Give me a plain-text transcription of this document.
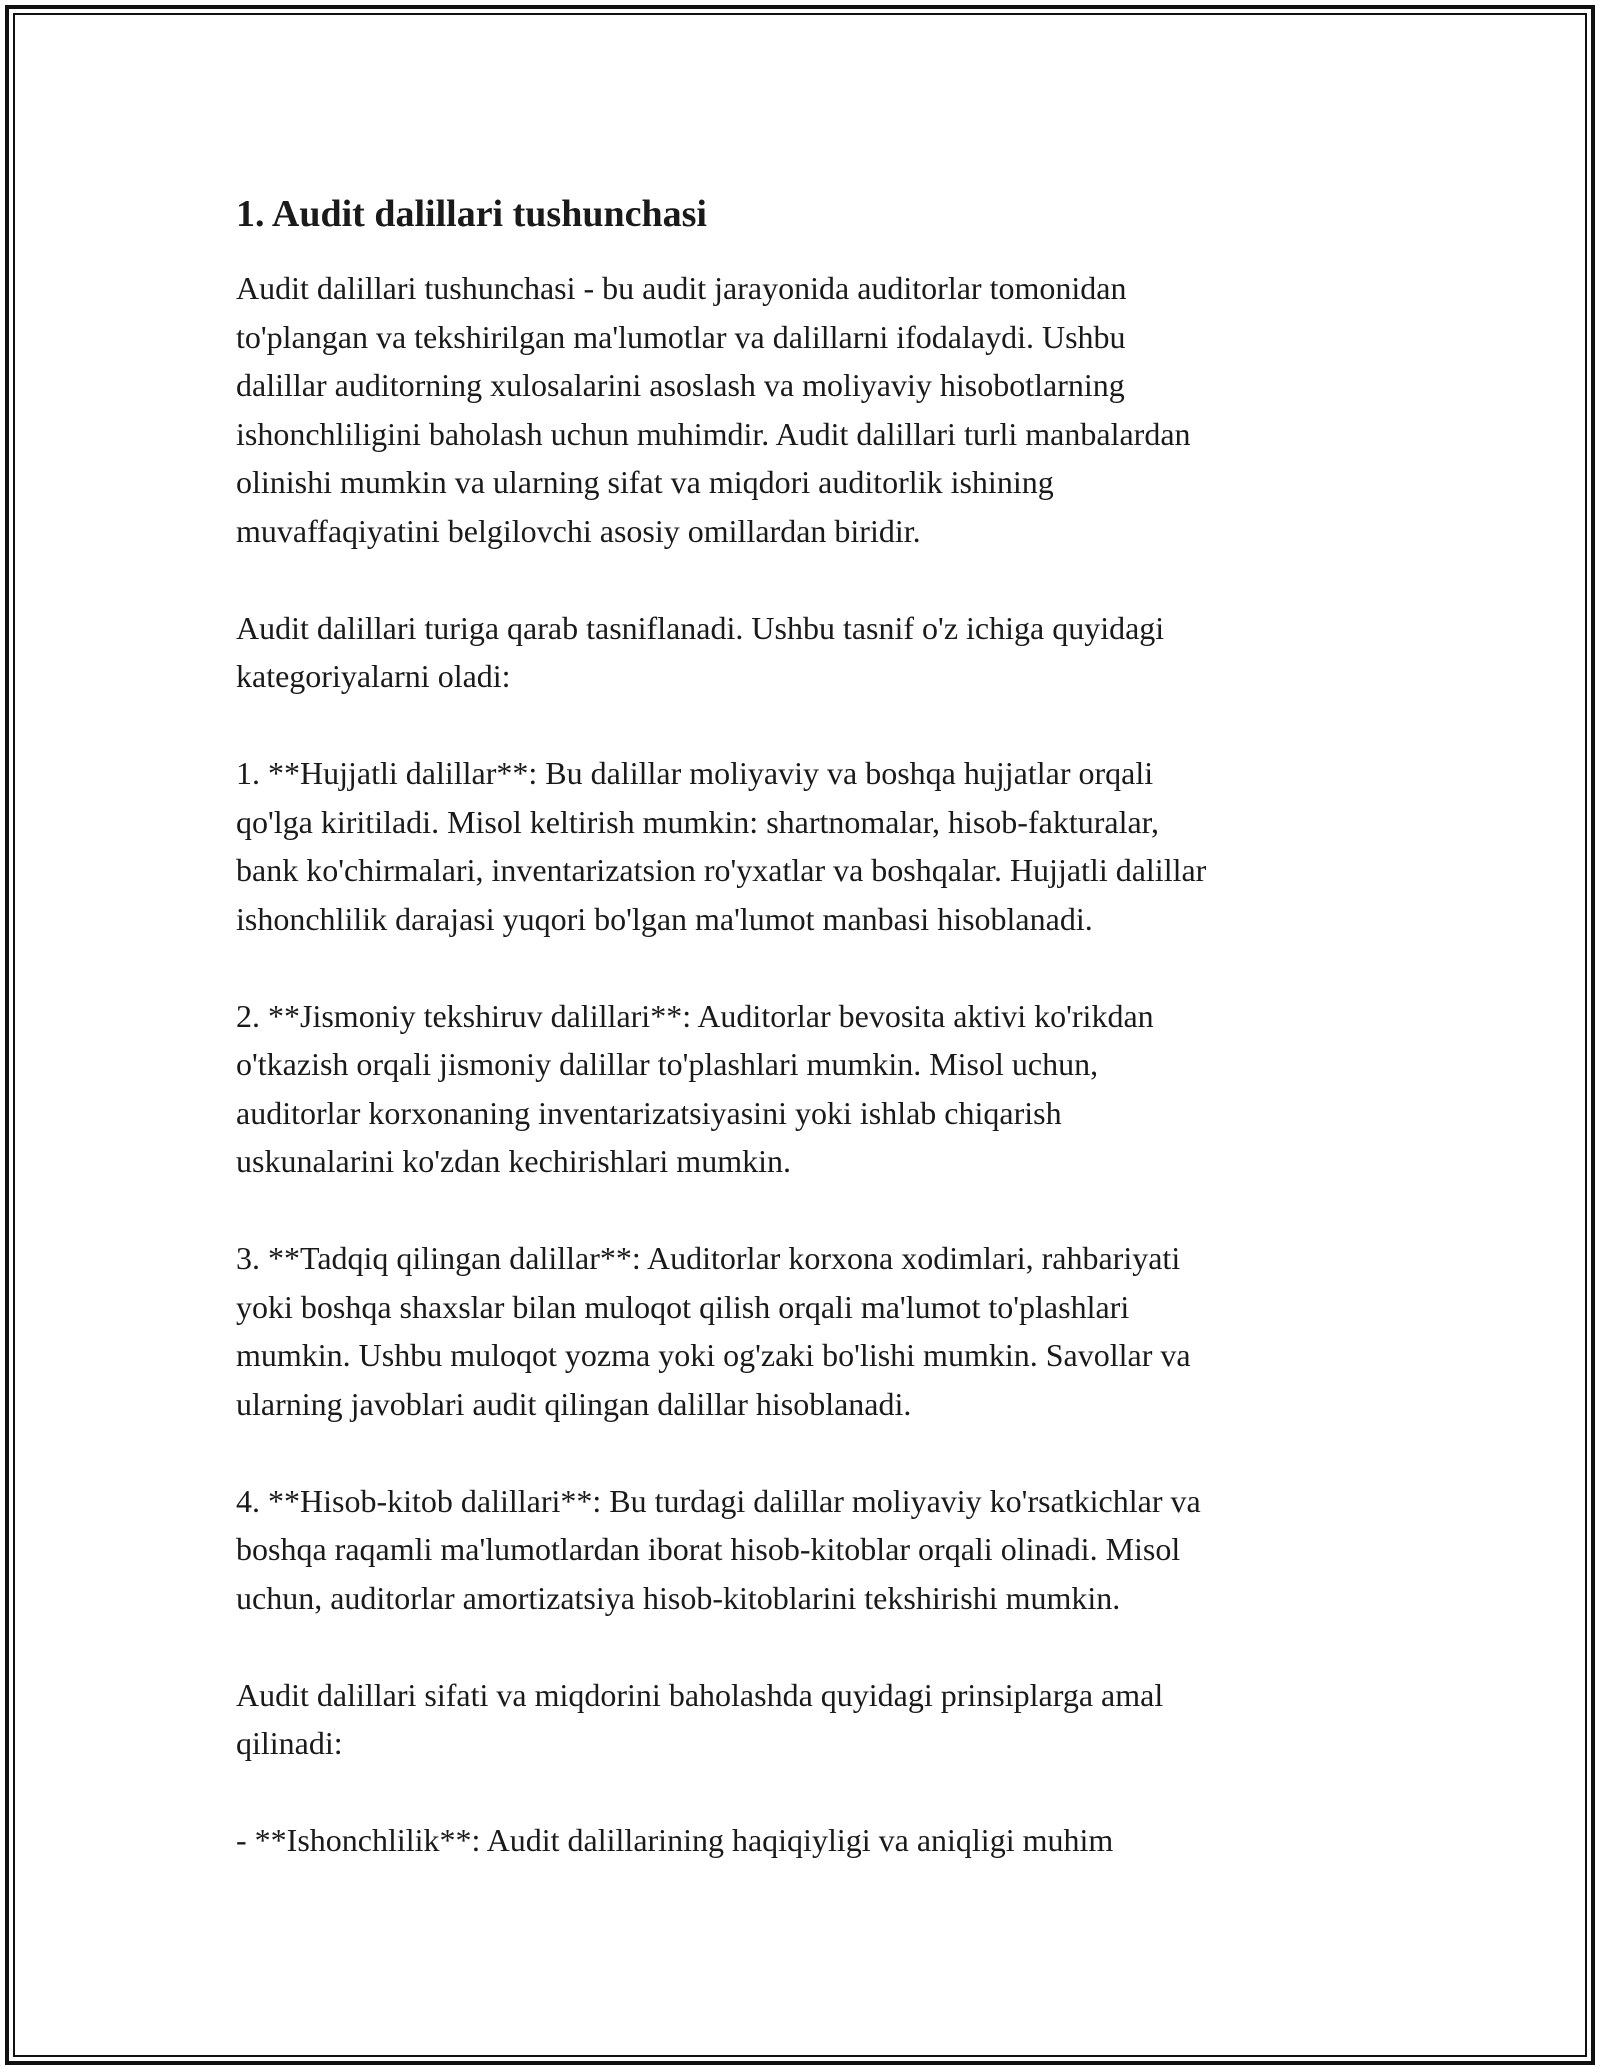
1. Audit dalillari tushunchasi
Audit dalillari tushunchasi - bu audit jarayonida auditorlar tomonidan
to'plangan va tekshirilgan ma'lumotlar va dalillarni ifodalaydi. Ushbu
dalillar auditorning xulosalarini asoslash va moliyaviy hisobotlarning
ishonchliligini baholash uchun muhimdir. Audit dalillari turli manbalardan
olinishi mumkin va ularning sifat va miqdori auditorlik ishining
muvaffaqiyatini belgilovchi asosiy omillardan biridir.
Audit dalillari turiga qarab tasniflanadi. Ushbu tasnif o'z ichiga quyidagi
kategoriyalarni oladi:
1. **Hujjatli dalillar**: Bu dalillar moliyaviy va boshqa hujjatlar orqali
qo'lga kiritiladi. Misol keltirish mumkin: shartnomalar, hisob-fakturalar,
bank ko'chirmalari, inventarizatsion ro'yxatlar va boshqalar. Hujjatli dalillar
ishonchlilik darajasi yuqori bo'lgan ma'lumot manbasi hisoblanadi.
2. **Jismoniy tekshiruv dalillari**: Auditorlar bevosita aktivi ko'rikdan
o'tkazish orqali jismoniy dalillar to'plashlari mumkin. Misol uchun,
auditorlar korxonaning inventarizatsiyasini yoki ishlab chiqarish
uskunalarini ko'zdan kechirishlari mumkin.
3. **Tadqiq qilingan dalillar**: Auditorlar korxona xodimlari, rahbariyati
yoki boshqa shaxslar bilan muloqot qilish orqali ma'lumot to'plashlari
mumkin. Ushbu muloqot yozma yoki og'zaki bo'lishi mumkin. Savollar va
ularning javoblari audit qilingan dalillar hisoblanadi.
4. **Hisob-kitob dalillari**: Bu turdagi dalillar moliyaviy ko'rsatkichlar va
boshqa raqamli ma'lumotlardan iborat hisob-kitoblar orqali olinadi. Misol
uchun, auditorlar amortizatsiya hisob-kitoblarini tekshirishi mumkin.
Audit dalillari sifati va miqdorini baholashda quyidagi prinsiplarga amal
qilinadi:
- **Ishonchlilik**: Audit dalillarining haqiqiyligi va aniqligi muhim
